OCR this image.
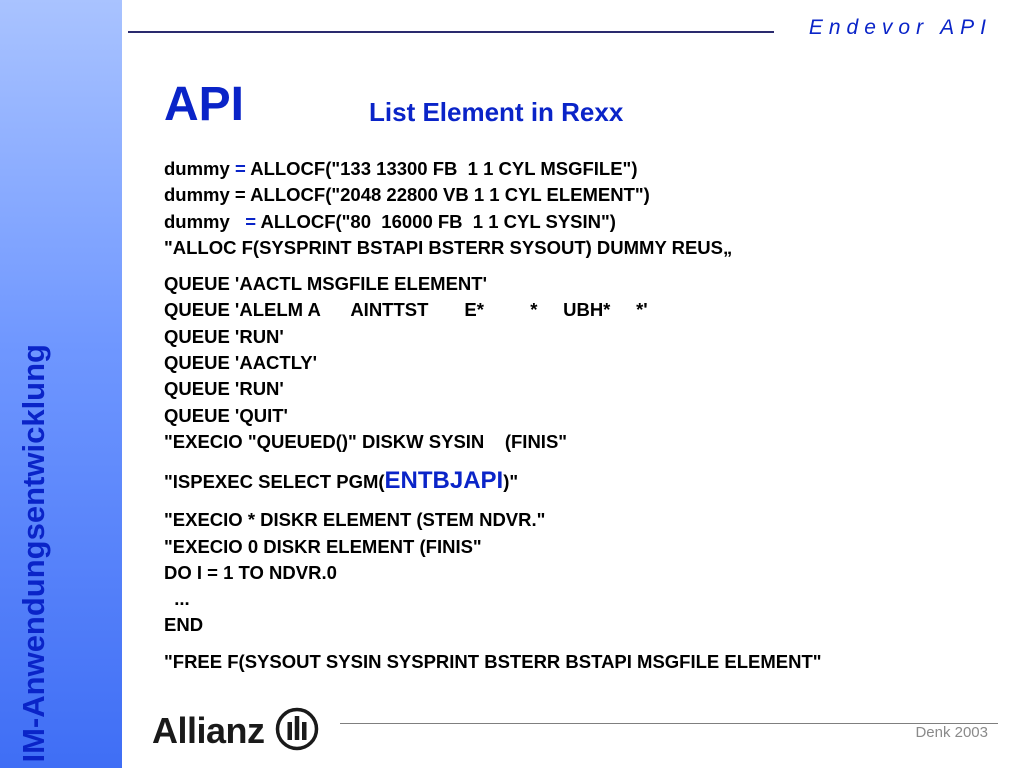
IM-Anwendungsentwicklung
Endevor API
API	List Element in Rexx
dummy = ALLOCF("133 13300 FB  1 1 CYL MSGFILE")
dummy = ALLOCF("2048 22800 VB 1 1 CYL ELEMENT")
dummy   = ALLOCF("80  16000 FB  1 1 CYL SYSIN")
"ALLOC F(SYSPRINT BSTAPI BSTERR SYSOUT) DUMMY REUS„
QUEUE 'AACTL MSGFILE ELEMENT'
QUEUE 'ALELM A      AINTTST       E*         *     UBH*     *'
QUEUE 'RUN'
QUEUE 'AACTLY'
QUEUE 'RUN'
QUEUE 'QUIT'
"EXECIO "QUEUED()" DISKW SYSIN    (FINIS"
"ISPEXEC SELECT PGM(ENTBJAPI)"
"EXECIO * DISKR ELEMENT (STEM NDVR."
"EXECIO 0 DISKR ELEMENT (FINIS"
DO I = 1 TO NDVR.0
...
END
"FREE F(SYSOUT SYSIN SYSPRINT BSTERR BSTAPI MSGFILE ELEMENT"
Allianz	Denk 2003
